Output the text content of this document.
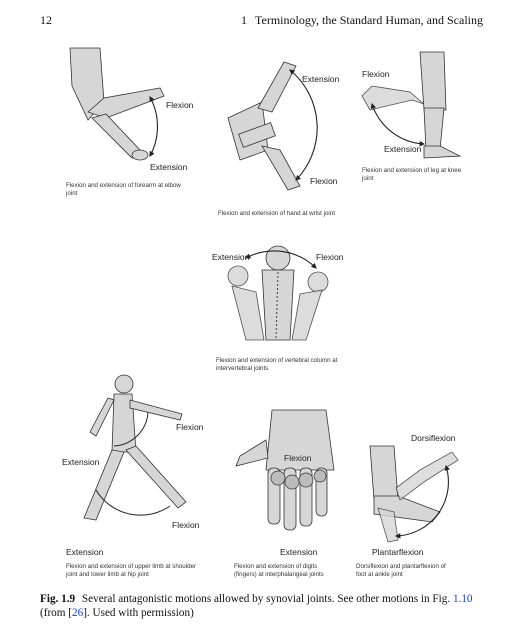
12	1 Terminology, the Standard Human, and Scaling
Flexion
Extension
Flexion and extension of forearm at elbow
joint
Extension
Flexion
Flexion and extension of hand at wrist joint
Flexion
Extension
Flexion and extension of leg at knee
joint
Extension	Flexion
Flexion and extension of vertebral column at
intervertebral joints
Flexion
Extension
Flexion
Extension
Flexion and extension of upper limb at shoulder
joint and lower limb at hip joint
Flexion
Extension
Flexion and extension of digits
(fingers) at interphalangeal joints
Dorsiflexion
Plantarflexion
Dorsiflexion and plantarflexion of
foot at ankle joint
Fig. 1.9 Several antagonistic motions allowed by synovial joints. See other motions in Fig. 1.10
(from [26]. Used with permission)
